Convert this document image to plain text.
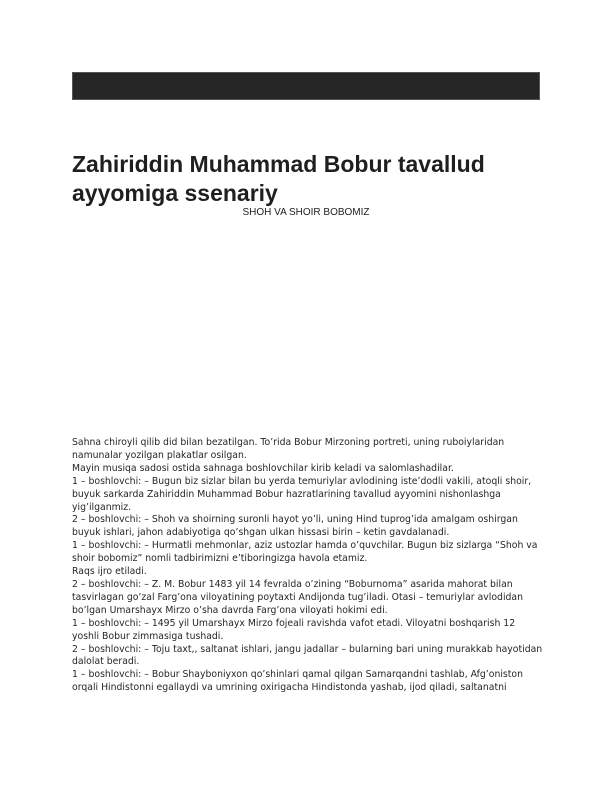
Zahiriddin Muhammad Bobur tavallud ayyomiga ssenariy
SHOH VA SHOIR BOBOMIZ

Sahna chiroyli qilib did bilan bezatilgan. To’rida Bobur Mirzoning portreti, uning ruboiylaridan namunalar yozilgan plakatlar osilgan.

Mayin musiqa sadosi ostida sahnaga boshlovchilar kirib keladi va salomlashadilar.

1 – boshlovchi: – Bugun biz sizlar bilan bu yerda temuriylar avlodining iste’dodli vakili, atoqli shoir, buyuk sarkarda Zahiriddin Muhammad Bobur hazratlarining tavallud ayyomini nishonlashga yig’ilganmiz.

2 – boshlovchi: – Shoh va shoirning suronli hayot yo’li, uning Hind tuprog’ida amalgam oshirgan buyuk ishlari, jahon adabiyotiga qo’shgan ulkan hissasi birin – ketin gavdalanadi.

1 – boshlovchi: – Hurmatli mehmonlar, aziz ustozlar hamda o’quvchilar. Bugun biz sizlarga “Shoh va shoir bobomiz” nomli tadbirimizni e’tiboringizga havola etamiz.

Raqs ijro etiladi.

2 – boshlovchi: – Z. M. Bobur 1483 yil 14 fevralda o’zining “Boburnoma” asarida mahorat bilan tasvirlagan go’zal Farg’ona viloyatining poytaxti Andijonda tug’iladi. Otasi – temuriylar avlodidan bo’lgan Umarshayx Mirzo o’sha davrda Farg’ona viloyati hokimi edi.

1 – boshlovchi: – 1495 yil Umarshayx Mirzo fojeali ravishda vafot etadi. Viloyatni boshqarish 12 yoshli Bobur zimmasiga tushadi.

2 – boshlovchi: – Toju taxt,, saltanat ishlari, jangu jadallar – bularning bari uning murakkab hayotidan dalolat beradi.

1 – boshlovchi: – Bobur Shayboniyxon qo’shinlari qamal qilgan Samarqandni tashlab, Afg’oniston orqali Hindistonni egallaydi va umrining oxirigacha Hindistonda yashab, ijod qiladi, saltanatni
